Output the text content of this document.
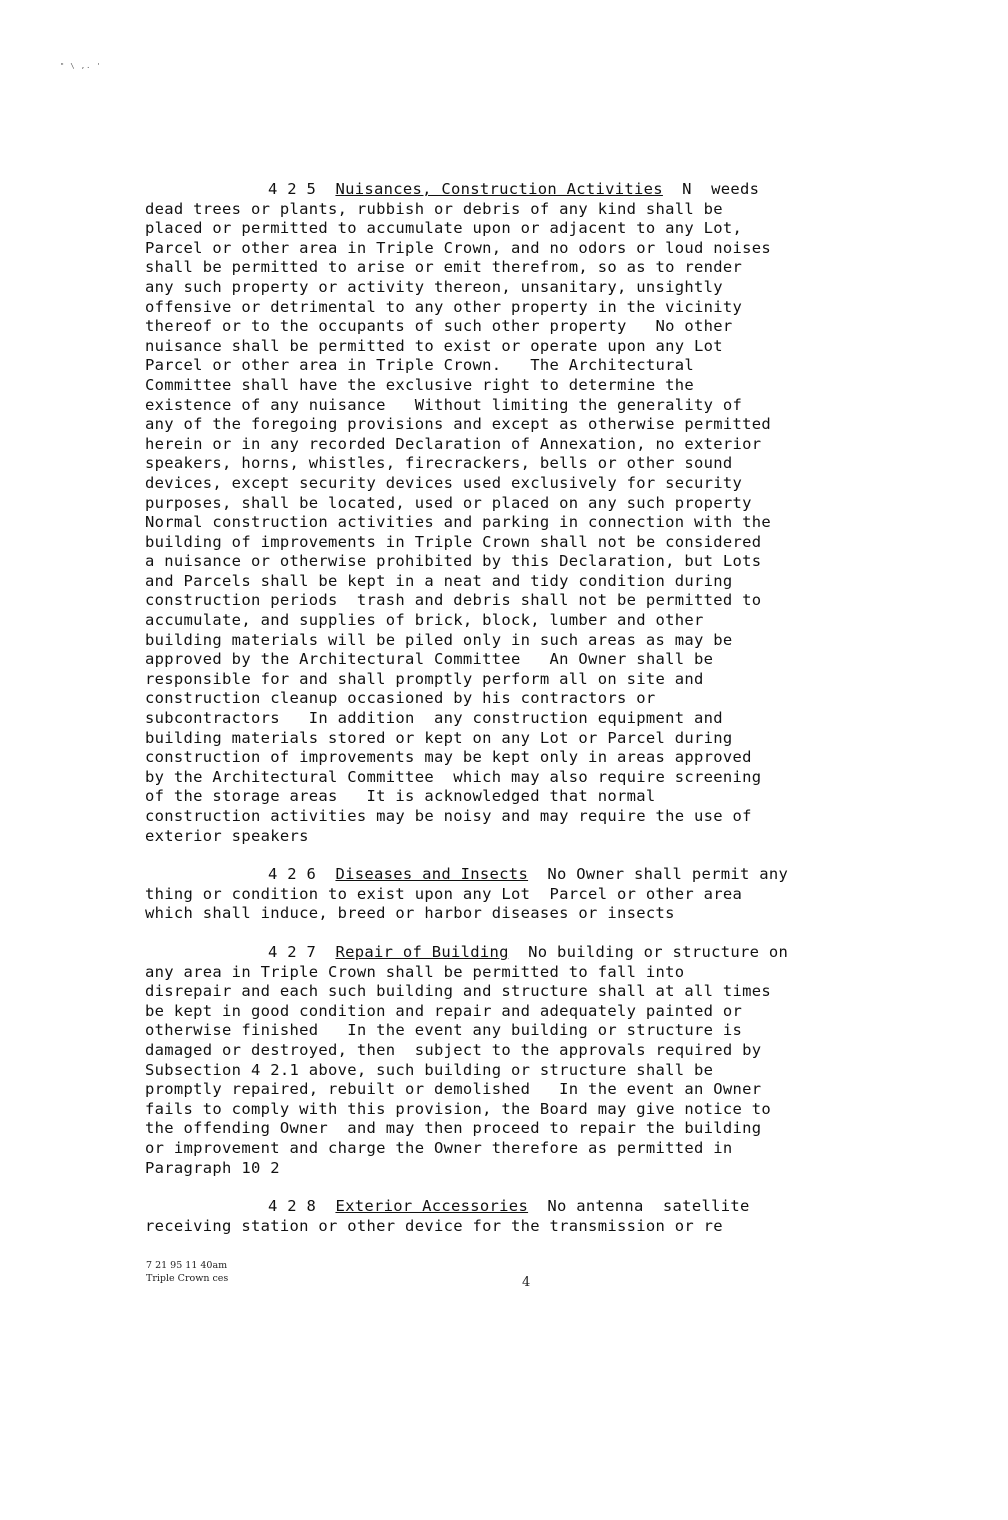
" \ ,. '
4 2 5 Nuisances, Construction Activities  N  weeds
dead trees or plants, rubbish or debris of any kind shall be
placed or permitted to accumulate upon or adjacent to any Lot,
Parcel or other area in Triple Crown, and no odors or loud noises
shall be permitted to arise or emit therefrom, so as to render
any such property or activity thereon, unsanitary, unsightly
offensive or detrimental to any other property in the vicinity
thereof or to the occupants of such other property   No other
nuisance shall be permitted to exist or operate upon any Lot
Parcel or other area in Triple Crown.   The Architectural
Committee shall have the exclusive right to determine the
existence of any nuisance   Without limiting the generality of
any of the foregoing provisions and except as otherwise permitted
herein or in any recorded Declaration of Annexation, no exterior
speakers, horns, whistles, firecrackers, bells or other sound
devices, except security devices used exclusively for security
purposes, shall be located, used or placed on any such property
Normal construction activities and parking in connection with the
building of improvements in Triple Crown shall not be considered
a nuisance or otherwise prohibited by this Declaration, but Lots
and Parcels shall be kept in a neat and tidy condition during
construction periods  trash and debris shall not be permitted to
accumulate, and supplies of brick, block, lumber and other
building materials will be piled only in such areas as may be
approved by the Architectural Committee   An Owner shall be
responsible for and shall promptly perform all on site and
construction cleanup occasioned by his contractors or
subcontractors   In addition  any construction equipment and
building materials stored or kept on any Lot or Parcel during
construction of improvements may be kept only in areas approved
by the Architectural Committee  which may also require screening
of the storage areas   It is acknowledged that normal
construction activities may be noisy and may require the use of
exterior speakers
4 2 6 Diseases and Insects  No Owner shall permit any
thing or condition to exist upon any Lot  Parcel or other area
which shall induce, breed or harbor diseases or insects
4 2 7 Repair of Building  No building or structure on
any area in Triple Crown shall be permitted to fall into
disrepair and each such building and structure shall at all times
be kept in good condition and repair and adequately painted or
otherwise finished   In the event any building or structure is
damaged or destroyed, then  subject to the approvals required by
Subsection 4 2.1 above, such building or structure shall be
promptly repaired, rebuilt or demolished   In the event an Owner
fails to comply with this provision, the Board may give notice to
the offending Owner  and may then proceed to repair the building
or improvement and charge the Owner therefore as permitted in
Paragraph 10 2
4 2 8 Exterior Accessories  No antenna  satellite
receiving station or other device for the transmission or re
7 21 95 11 40am
Triple Crown ces	4
